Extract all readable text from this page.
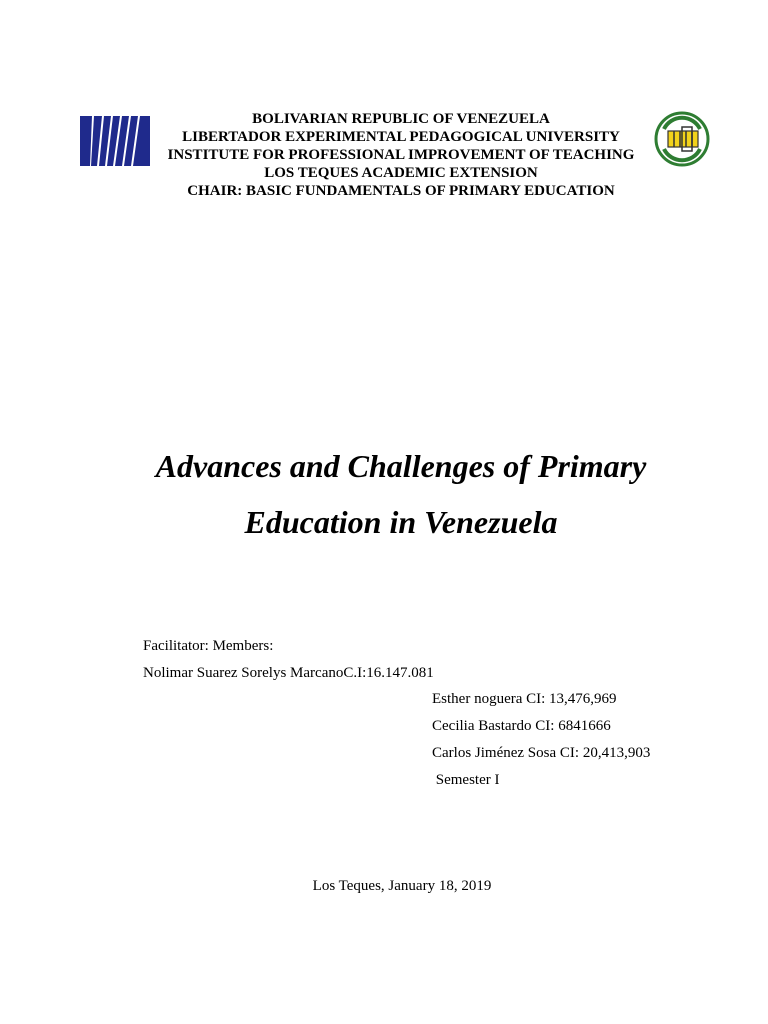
BOLIVARIAN REPUBLIC OF VENEZUELA
LIBERTADOR EXPERIMENTAL PEDAGOGICAL UNIVERSITY
INSTITUTE FOR PROFESSIONAL IMPROVEMENT OF TEACHING
LOS TEQUES ACADEMIC EXTENSION
CHAIR: BASIC FUNDAMENTALS OF PRIMARY EDUCATION
Advances and Challenges of Primary
Education in Venezuela
Facilitator: Members:
Nolimar Suarez Sorelys MarcanoC.I:16.147.081
Esther noguera CI: 13,476,969
Cecilia Bastardo CI: 6841666
Carlos Jiménez Sosa CI: 20,413,903
Semester I
Los Teques, January 18, 2019
